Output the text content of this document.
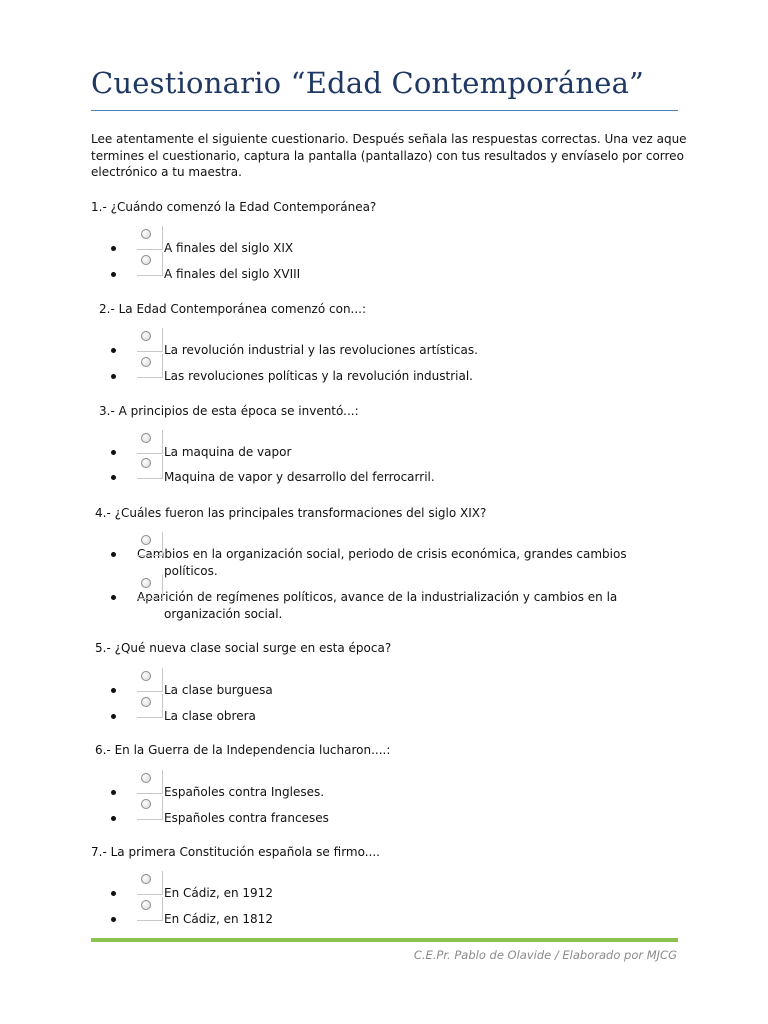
Cuestionario “Edad Contemporánea”
Lee atentamente el siguiente cuestionario. Después señala las respuestas correctas. Una vez aque termines el cuestionario, captura la pantalla (pantallazo) con tus resultados y envíaselo por correo electrónico a tu maestra.
1.- ¿Cuándo comenzó la Edad Contemporánea?
A finales del siglo XIX
A finales del siglo XVIII
2.- La Edad Contemporánea comenzó con...:
La revolución industrial y las revoluciones artísticas.
Las revoluciones políticas y la revolución industrial.
3.- A principios de esta época se inventó...:
La maquina de vapor
Maquina de vapor y desarrollo del ferrocarril.
4.- ¿Cuáles fueron las principales transformaciones del siglo XIX?
Cambios en la organización social, periodo de crisis económica, grandes cambios políticos.
Aparición de regímenes políticos, avance de la industrialización y cambios en la organización social.
5.- ¿Qué nueva clase social surge en esta época?
La clase burguesa
La clase obrera
6.- En la Guerra de la Independencia lucharon....:
Españoles contra Ingleses.
Españoles contra franceses
7.- La primera Constitución española se firmo....
En Cádiz, en 1912
En Cádiz, en 1812
C.E.Pr. Pablo de Olavide / Elaborado por MJCG
